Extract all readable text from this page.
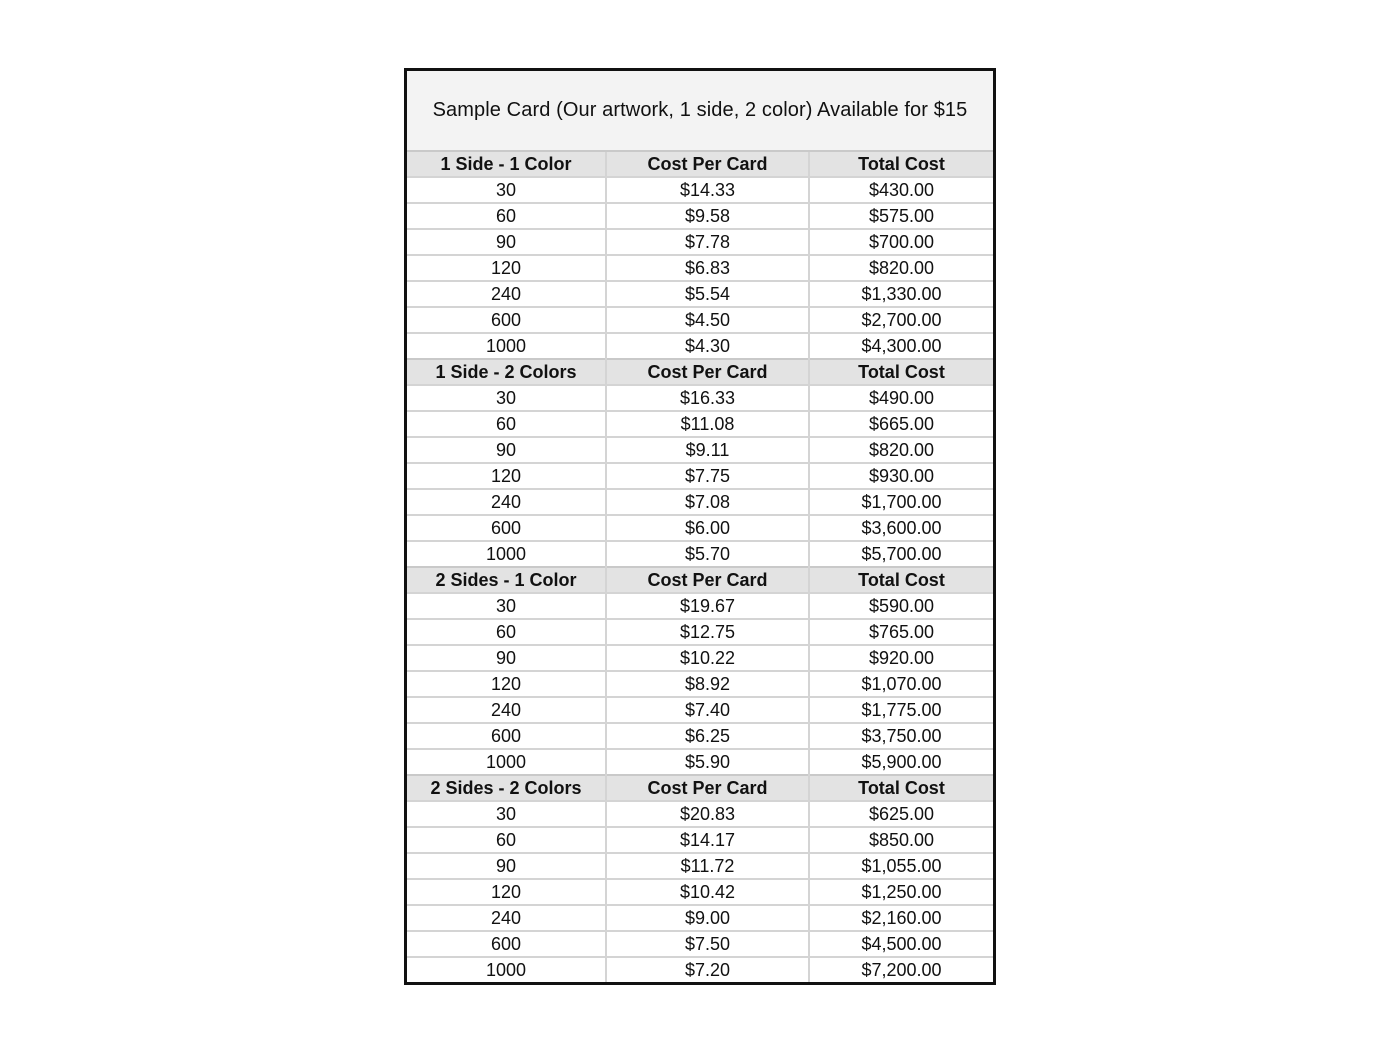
Sample Card (Our artwork, 1 side, 2 color) Available for $15
1 Side - 1 Color	Cost Per Card	Total Cost
30	$14.33	$430.00
60	$9.58	$575.00
90	$7.78	$700.00
120	$6.83	$820.00
240	$5.54	$1,330.00
600	$4.50	$2,700.00
1000	$4.30	$4,300.00
1 Side - 2 Colors	Cost Per Card	Total Cost
30	$16.33	$490.00
60	$11.08	$665.00
90	$9.11	$820.00
120	$7.75	$930.00
240	$7.08	$1,700.00
600	$6.00	$3,600.00
1000	$5.70	$5,700.00
2 Sides - 1 Color	Cost Per Card	Total Cost
30	$19.67	$590.00
60	$12.75	$765.00
90	$10.22	$920.00
120	$8.92	$1,070.00
240	$7.40	$1,775.00
600	$6.25	$3,750.00
1000	$5.90	$5,900.00
2 Sides - 2 Colors	Cost Per Card	Total Cost
30	$20.83	$625.00
60	$14.17	$850.00
90	$11.72	$1,055.00
120	$10.42	$1,250.00
240	$9.00	$2,160.00
600	$7.50	$4,500.00
1000	$7.20	$7,200.00
